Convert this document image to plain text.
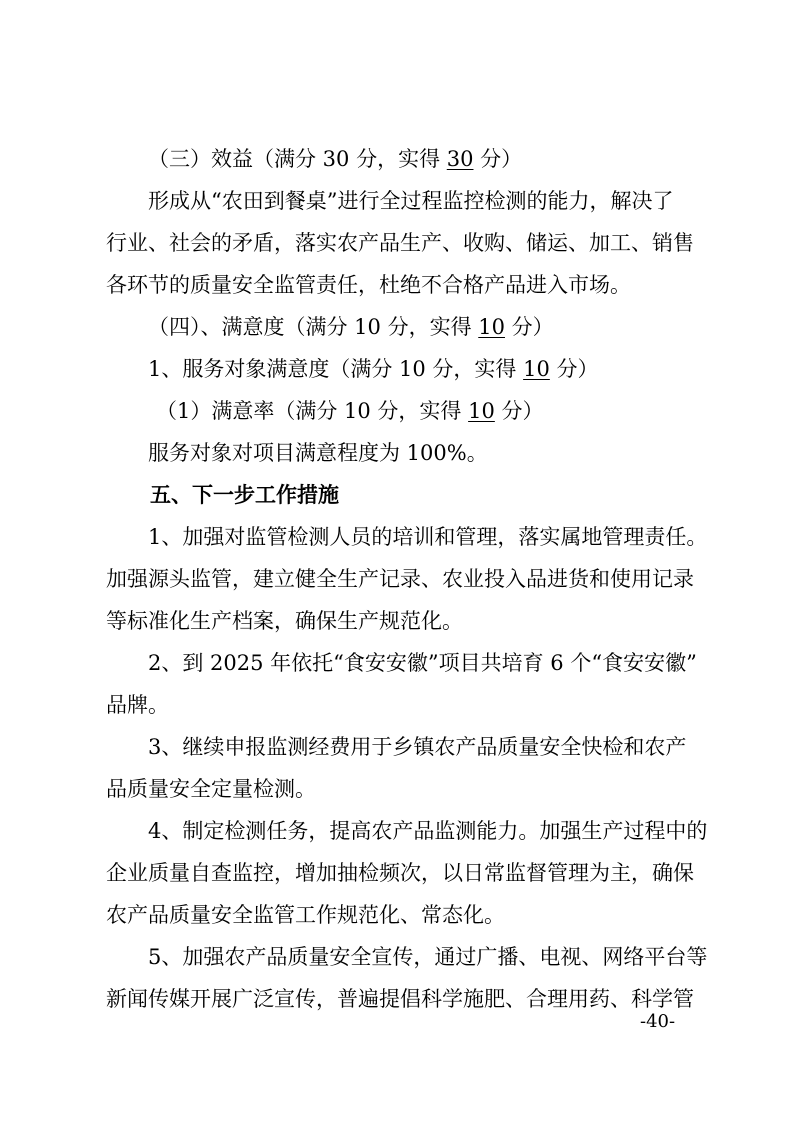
（三）效益（满分 30 分，实得 30 分）
形成从“农田到餐桌”进行全过程监控检测的能力，解决了
行业、社会的矛盾，落实农产品生产、收购、储运、加工、销售
各环节的质量安全监管责任，杜绝不合格产品进入市场。
（四）、满意度（满分 10 分，实得 10 分）
1、服务对象满意度（满分 10 分，实得 10 分）
（1）满意率（满分 10 分，实得 10 分）
服务对象对项目满意程度为 100%。
五、下一步工作措施
1、加强对监管检测人员的培训和管理，落实属地管理责任。
加强源头监管，建立健全生产记录、农业投入品进货和使用记录
等标准化生产档案，确保生产规范化。
2、到 2025 年依托“食安安徽”项目共培育 6 个“食安安徽”
品牌。
3、继续申报监测经费用于乡镇农产品质量安全快检和农产
品质量安全定量检测。
4、制定检测任务，提高农产品监测能力。加强生产过程中的
企业质量自查监控，增加抽检频次，以日常监督管理为主，确保
农产品质量安全监管工作规范化、常态化。
5、加强农产品质量安全宣传，通过广播、电视、网络平台等
新闻传媒开展广泛宣传，普遍提倡科学施肥、合理用药、科学管
-40-
